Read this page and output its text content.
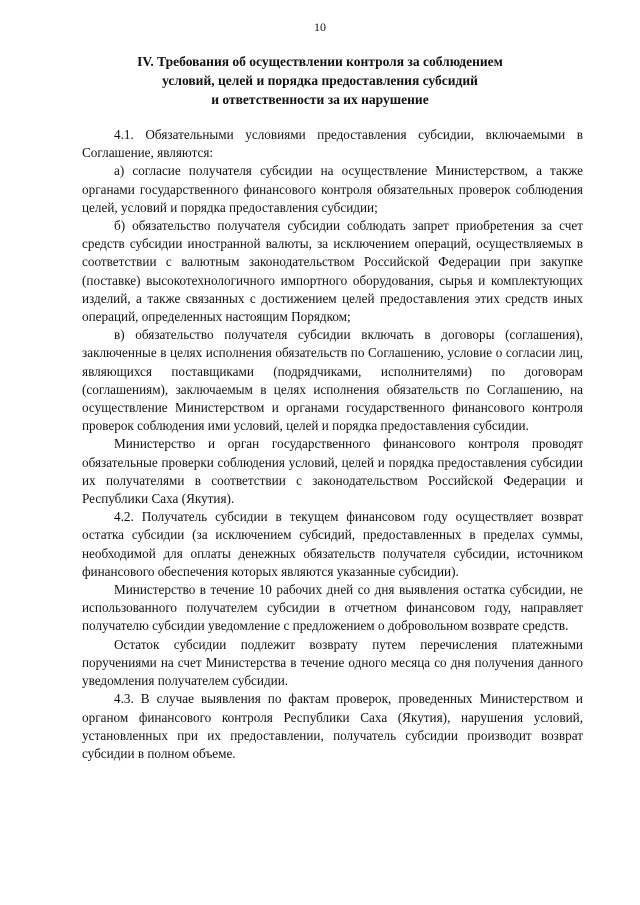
10
IV. Требования об осуществлении контроля за соблюдением
условий, целей и порядка предоставления субсидий
и ответственности за их нарушение

4.1. Обязательными условиями предоставления субсидии, включаемыми в Соглашение, являются:

а) согласие получателя субсидии на осуществление Министерством, а также органами государственного финансового контроля обязательных проверок соблюдения целей, условий и порядка предоставления субсидии;

б) обязательство получателя субсидии соблюдать запрет приобретения за счет средств субсидии иностранной валюты, за исключением операций, осуществляемых в соответствии с валютным законодательством Российской Федерации при закупке (поставке) высокотехнологичного импортного оборудования, сырья и комплектующих изделий, а также связанных с достижением целей предоставления этих средств иных операций, определенных настоящим Порядком;

в) обязательство получателя субсидии включать в договоры (соглашения), заключенные в целях исполнения обязательств по Соглашению, условие о согласии лиц, являющихся поставщиками (подрядчиками, исполнителями) по договорам (соглашениям), заключаемым в целях исполнения обязательств по Соглашению, на осуществление Министерством и органами государственного финансового контроля проверок соблюдения ими условий, целей и порядка предоставления субсидии.

Министерство и орган государственного финансового контроля проводят обязательные проверки соблюдения условий, целей и порядка предоставления субсидии их получателями в соответствии с законодательством Российской Федерации и Республики Саха (Якутия).

4.2. Получатель субсидии в текущем финансовом году осуществляет возврат остатка субсидии (за исключением субсидий, предоставленных в пределах суммы, необходимой для оплаты денежных обязательств получателя субсидии, источником финансового обеспечения которых являются указанные субсидии).

Министерство в течение 10 рабочих дней со дня выявления остатка субсидии, не использованного получателем субсидии в отчетном финансовом году, направляет получателю субсидии уведомление с предложением о добровольном возврате средств.

Остаток субсидии подлежит возврату путем перечисления платежными поручениями на счет Министерства в течение одного месяца со дня получения данного уведомления получателем субсидии.

4.3. В случае выявления по фактам проверок, проведенных Министерством и органом финансового контроля Республики Саха (Якутия), нарушения условий, установленных при их предоставлении, получатель субсидии производит возврат субсидии в полном объеме.
